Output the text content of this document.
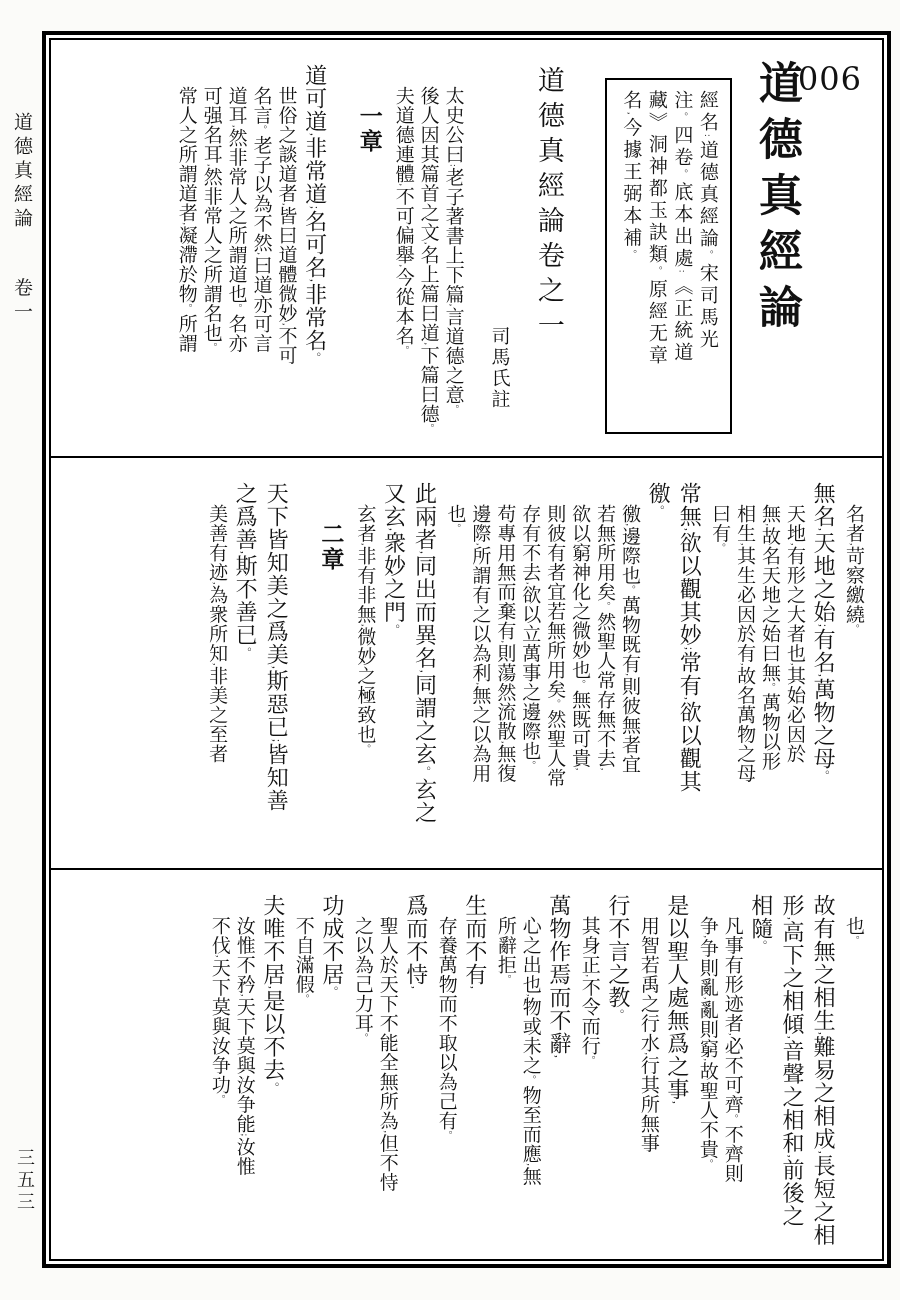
道德真經論  卷一
三五三
006
道德真經論
經名:道德真經論。宋司馬光
注。四卷。底本出處:《正統道
藏》洞神都玉訣類。原經无章
名,今據王弼本補。
道德真經論卷之一
司馬氏註
太史公曰:老子著書上下篇,言道德之意。
後人因其篇首之文,名上篇曰道,下篇曰德。
夫道德連體,不可偏舉,今從本名。
一章
道可道,非常道;名可名,非常名。
世俗之談道者,皆曰道體微妙,不可
名言。老子以為不然,曰道亦可言
道耳,然非常人之所謂道也。名亦
可强名耳,然非常人之所謂名也。
常人之所謂道者,凝滯於物。所謂
名者,苛察繳繞。
無名,天地之始;有名,萬物之母。
天地,有形之大者也,其始必因於
無,故名天地之始曰無。萬物以形
相生,其生必因於有,故名萬物之母
曰有。
常無,欲以觀其妙;常有,欲以觀其
徼。
徼,邊際也。萬物既有,則彼無者宜
若無所用矣。然聖人常存無不去,
欲以窮神化之微妙也。無既可貴,
則彼有者宜若無所用矣。然聖人常
存有不去,欲以立萬事之邊際也。
苟專用無而棄有,則蕩然流散,無復
邊際,所謂有之以為利,無之以為用
也。
此兩者,同出而異名,同謂之玄。玄之
又玄,衆妙之門。
玄者,非有非無,微妙之極致也。
二章
天下皆知美之爲美,斯惡已;皆知善
之爲善,斯不善已。
美善有迹,為衆所知,非美之至者
也。
故有無之相生,難易之相成,長短之相
形,高下之相傾,音聲之相和,前後之
相隨。
凡事有形迹者,必不可齊。不齊則
争,争則亂,亂則窮,故聖人不貴。
是以聖人處無爲之事,
用智若禹之行水,行其所無事
行不言之教。
其身正,不令而行。
萬物作焉而不辭,
心之出也,物或未之。物至而應,無
所辭拒。
生而不有,
存養萬物而不取以為己有。
爲而不恃,
聖人於天下不能全無所為,但不恃
之以為己力耳。
功成不居。
不自滿假。
夫唯不居,是以不去。
汝惟不矜,天下莫與汝争能;汝惟
不伐,天下莫與汝争功。
